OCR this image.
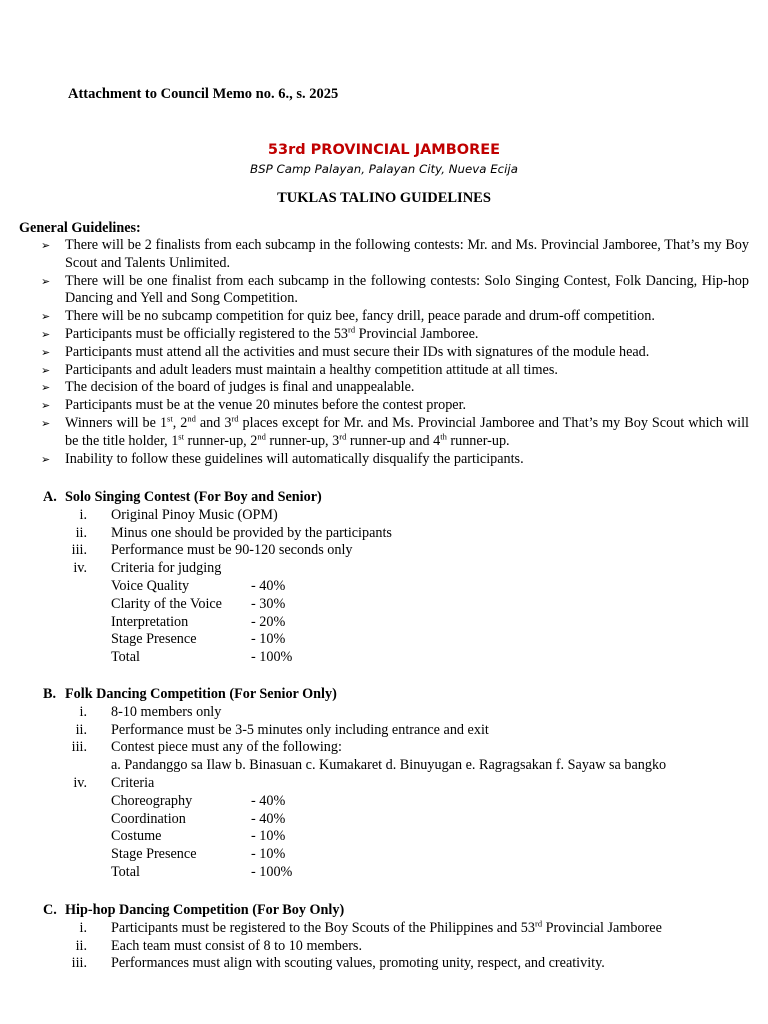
Attachment to Council Memo no. 6., s. 2025
53rd PROVINCIAL JAMBOREE
BSP Camp Palayan, Palayan City, Nueva Ecija
TUKLAS TALINO GUIDELINES
General Guidelines:
➢ There will be 2 finalists from each subcamp in the following contests: Mr. and Ms. Provincial Jamboree, That’s my Boy Scout and Talents Unlimited.
➢ There will be one finalist from each subcamp in the following contests: Solo Singing Contest, Folk Dancing, Hip-hop Dancing and Yell and Song Competition.
➢ There will be no subcamp competition for quiz bee, fancy drill, peace parade and drum-off competition.
➢ Participants must be officially registered to the 53rd Provincial Jamboree.
➢ Participants must attend all the activities and must secure their IDs with signatures of the module head.
➢ Participants and adult leaders must maintain a healthy competition attitude at all times.
➢ The decision of the board of judges is final and unappealable.
➢ Participants must be at the venue 20 minutes before the contest proper.
➢ Winners will be 1st, 2nd and 3rd places except for Mr. and Ms. Provincial Jamboree and That’s my Boy Scout which will be the title holder, 1st runner-up, 2nd runner-up, 3rd runner-up and 4th runner-up.
➢ Inability to follow these guidelines will automatically disqualify the participants.
A. Solo Singing Contest (For Boy and Senior)
i. Original Pinoy Music (OPM)
ii. Minus one should be provided by the participants
iii. Performance must be 90-120 seconds only
iv. Criteria for judging
Voice Quality	- 40%
Clarity of the Voice - 30%
Interpretation	- 20%
Stage Presence	- 10%
Total	- 100%
B. Folk Dancing Competition (For Senior Only)
i. 8-10 members only
ii. Performance must be 3-5 minutes only including entrance and exit
iii. Contest piece must any of the following:
a. Pandanggo sa Ilaw b. Binasuan c. Kumakaret d. Binuyugan e. Ragragsakan f. Sayaw sa bangko
iv. Criteria
Choreography	- 40%
Coordination	- 40%
Costume	- 10%
Stage Presence	- 10%
Total	- 100%
C. Hip-hop Dancing Competition (For Boy Only)
i. Participants must be registered to the Boy Scouts of the Philippines and 53rd Provincial Jamboree
ii. Each team must consist of 8 to 10 members.
iii. Performances must align with scouting values, promoting unity, respect, and creativity.
